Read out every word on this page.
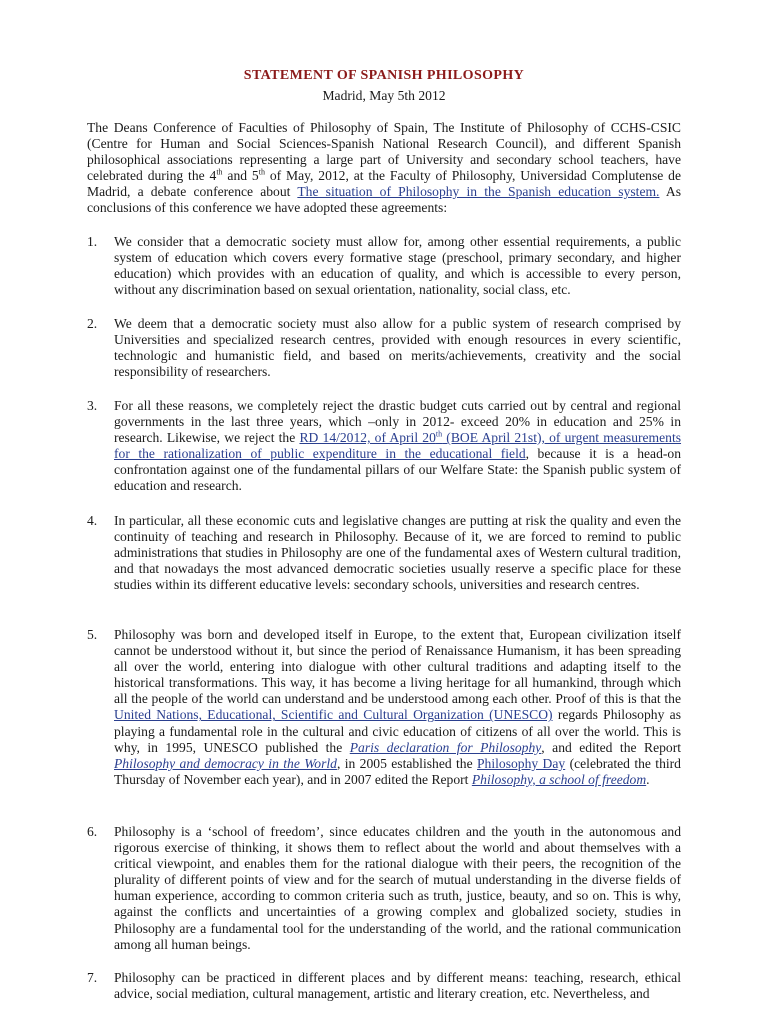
STATEMENT OF SPANISH PHILOSOPHY
Madrid, May 5th 2012
The Deans Conference of Faculties of Philosophy of Spain, The Institute of Philosophy of CCHS-CSIC (Centre for Human and Social Sciences-Spanish National Research Council), and different Spanish philosophical associations representing a large part of University and secondary school teachers, have celebrated during the 4th and 5th of May, 2012, at the Faculty of Philosophy, Universidad Complutense de Madrid, a debate conference about The situation of Philosophy in the Spanish education system. As conclusions of this conference we have adopted these agreements:
1. We consider that a democratic society must allow for, among other essential requirements, a public system of education which covers every formative stage (preschool, primary secondary, and higher education) which provides with an education of quality, and which is accessible to every person, without any discrimination based on sexual orientation, nationality, social class, etc.
2. We deem that a democratic society must also allow for a public system of research comprised by Universities and specialized research centres, provided with enough resources in every scientific, technologic and humanistic field, and based on merits/achievements, creativity and the social responsibility of researchers.
3. For all these reasons, we completely reject the drastic budget cuts carried out by central and regional governments in the last three years, which –only in 2012- exceed 20% in education and 25% in research. Likewise, we reject the RD 14/2012, of April 20th (BOE April 21st), of urgent measurements for the rationalization of public expenditure in the educational field, because it is a head-on confrontation against one of the fundamental pillars of our Welfare State: the Spanish public system of education and research.
4. In particular, all these economic cuts and legislative changes are putting at risk the quality and even the continuity of teaching and research in Philosophy. Because of it, we are forced to remind to public administrations that studies in Philosophy are one of the fundamental axes of Western cultural tradition, and that nowadays the most advanced democratic societies usually reserve a specific place for these studies within its different educative levels: secondary schools, universities and research centres.
5. Philosophy was born and developed itself in Europe, to the extent that, European civilization itself cannot be understood without it, but since the period of Renaissance Humanism, it has been spreading all over the world, entering into dialogue with other cultural traditions and adapting itself to the historical transformations. This way, it has become a living heritage for all humankind, through which all the people of the world can understand and be understood among each other. Proof of this is that the United Nations, Educational, Scientific and Cultural Organization (UNESCO) regards Philosophy as playing a fundamental role in the cultural and civic education of citizens of all over the world. This is why, in 1995, UNESCO published the Paris declaration for Philosophy, and edited the Report Philosophy and democracy in the World, in 2005 established the Philosophy Day (celebrated the third Thursday of November each year), and in 2007 edited the Report Philosophy, a school of freedom.
6. Philosophy is a ‘school of freedom’, since educates children and the youth in the autonomous and rigorous exercise of thinking, it shows them to reflect about the world and about themselves with a critical viewpoint, and enables them for the rational dialogue with their peers, the recognition of the plurality of different points of view and for the search of mutual understanding in the diverse fields of human experience, according to common criteria such as truth, justice, beauty, and so on. This is why, against the conflicts and uncertainties of a growing complex and globalized society, studies in Philosophy are a fundamental tool for the understanding of the world, and the rational communication among all human beings.
7. Philosophy can be practiced in different places and by different means: teaching, research, ethical advice, social mediation, cultural management, artistic and literary creation, etc. Nevertheless, and
